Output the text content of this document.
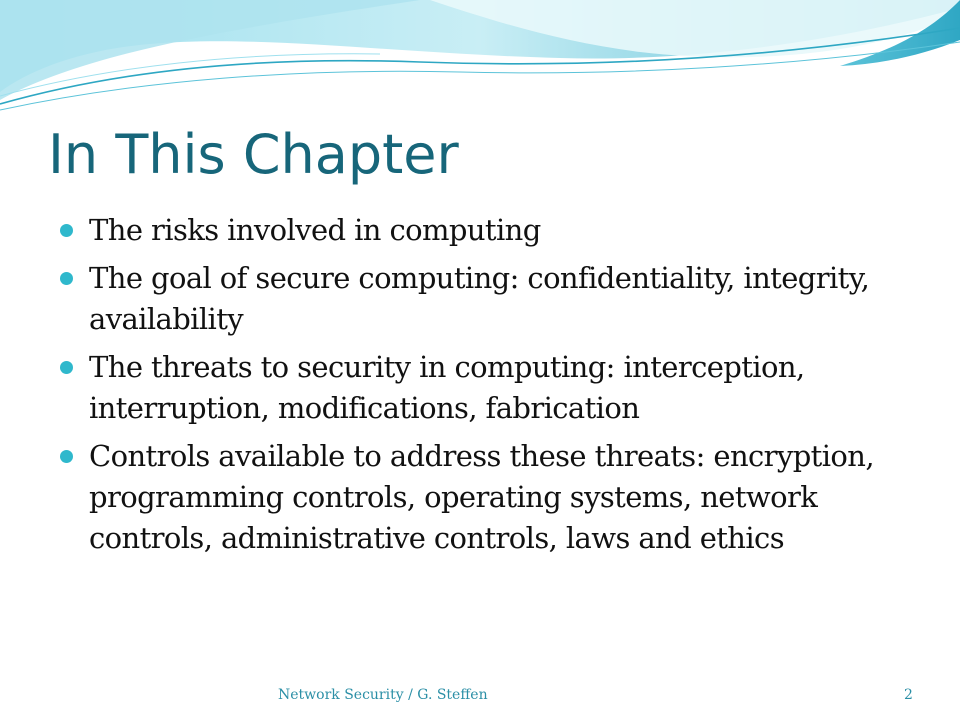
In This Chapter
The risks involved in computing
The goal of secure computing: confidentiality, integrity, availability
The threats to security in computing: interception, interruption, modifications, fabrication
Controls available to address these threats: encryption, programming controls, operating systems, network controls, administrative controls, laws and ethics
Network Security / G. Steffen	2
